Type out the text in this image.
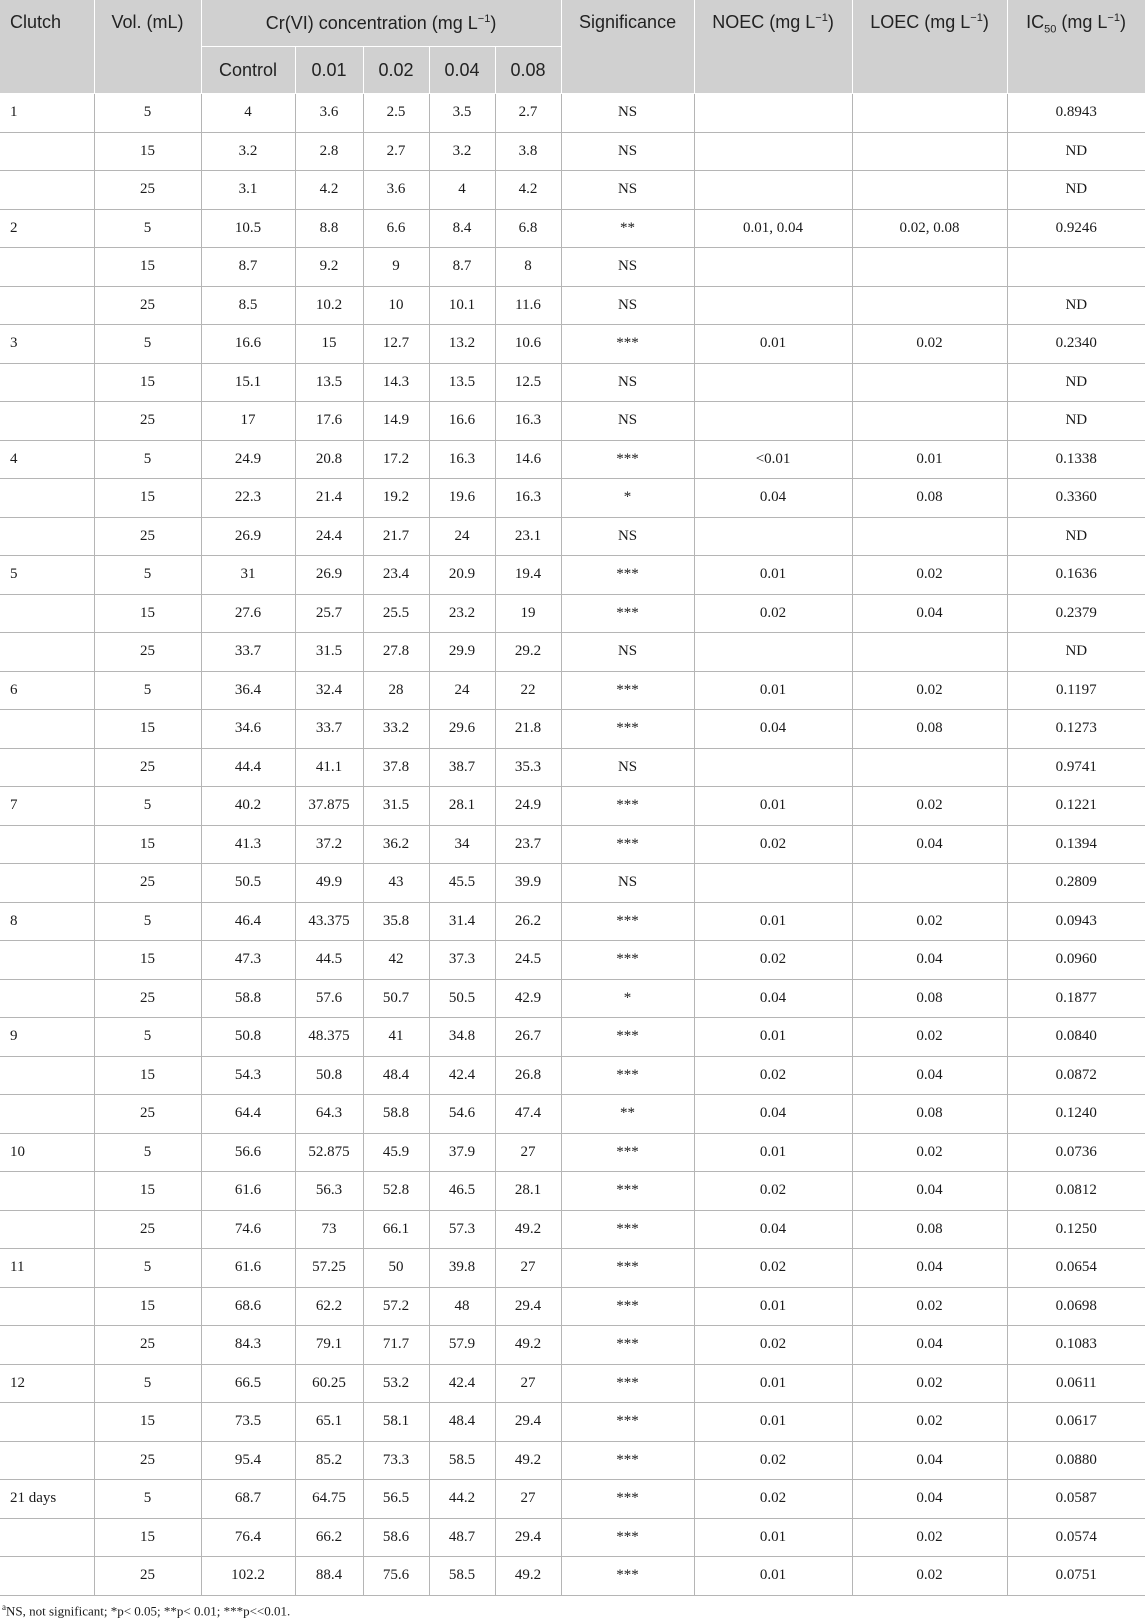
Clutch	Vol. (mL)	Cr(VI) concentration (mg $L^{-1}$)					Significance	NOEC (mg $L^{-1}$)	LOEC (mg $L^{-1}$)	$IC_{50}$ (mg $L^{-1}$)
		Control	0.01	0.02	0.04	0.08				
1	5	4	3.6	2.5	3.5	2.7	NS			0.8943
	15	3.2	2.8	2.7	3.2	3.8	NS			ND
	25	3.1	4.2	3.6	4	4.2	NS			ND
2	5	10.5	8.8	6.6	8.4	6.8	**	0.01, 0.04	0.02, 0.08	0.9246
	15	8.7	9.2	9	8.7	8	NS			
	25	8.5	10.2	10	10.1	11.6	NS			ND
3	5	16.6	15	12.7	13.2	10.6	***	0.01	0.02	0.2340
	15	15.1	13.5	14.3	13.5	12.5	NS			ND
	25	17	17.6	14.9	16.6	16.3	NS			ND
4	5	24.9	20.8	17.2	16.3	14.6	***	<0.01	0.01	0.1338
	15	22.3	21.4	19.2	19.6	16.3	*	0.04	0.08	0.3360
	25	26.9	24.4	21.7	24	23.1	NS			ND
5	5	31	26.9	23.4	20.9	19.4	***	0.01	0.02	0.1636
	15	27.6	25.7	25.5	23.2	19	***	0.02	0.04	0.2379
	25	33.7	31.5	27.8	29.9	29.2	NS			ND
6	5	36.4	32.4	28	24	22	***	0.01	0.02	0.1197
	15	34.6	33.7	33.2	29.6	21.8	***	0.04	0.08	0.1273
	25	44.4	41.1	37.8	38.7	35.3	NS			0.9741
7	5	40.2	37.875	31.5	28.1	24.9	***	0.01	0.02	0.1221
	15	41.3	37.2	36.2	34	23.7	***	0.02	0.04	0.1394
	25	50.5	49.9	43	45.5	39.9	NS			0.2809
8	5	46.4	43.375	35.8	31.4	26.2	***	0.01	0.02	0.0943
	15	47.3	44.5	42	37.3	24.5	***	0.02	0.04	0.0960
	25	58.8	57.6	50.7	50.5	42.9	*	0.04	0.08	0.1877
9	5	50.8	48.375	41	34.8	26.7	***	0.01	0.02	0.0840
	15	54.3	50.8	48.4	42.4	26.8	***	0.02	0.04	0.0872
	25	64.4	64.3	58.8	54.6	47.4	**	0.04	0.08	0.1240
10	5	56.6	52.875	45.9	37.9	27	***	0.01	0.02	0.0736
	15	61.6	56.3	52.8	46.5	28.1	***	0.02	0.04	0.0812
	25	74.6	73	66.1	57.3	49.2	***	0.04	0.08	0.1250
11	5	61.6	57.25	50	39.8	27	***	0.02	0.04	0.0654
	15	68.6	62.2	57.2	48	29.4	***	0.01	0.02	0.0698
	25	84.3	79.1	71.7	57.9	49.2	***	0.02	0.04	0.1083
12	5	66.5	60.25	53.2	42.4	27	***	0.01	0.02	0.0611
	15	73.5	65.1	58.1	48.4	29.4	***	0.01	0.02	0.0617
	25	95.4	85.2	73.3	58.5	49.2	***	0.02	0.04	0.0880
21 days	5	68.7	64.75	56.5	44.2	27	***	0.02	0.04	0.0587
	15	76.4	66.2	58.6	48.7	29.4	***	0.01	0.02	0.0574
	25	102.2	88.4	75.6	58.5	49.2	***	0.01	0.02	0.0751
$^a$NS, not significant; *p< 0.05; **p< 0.01; ***p<<0.01.
